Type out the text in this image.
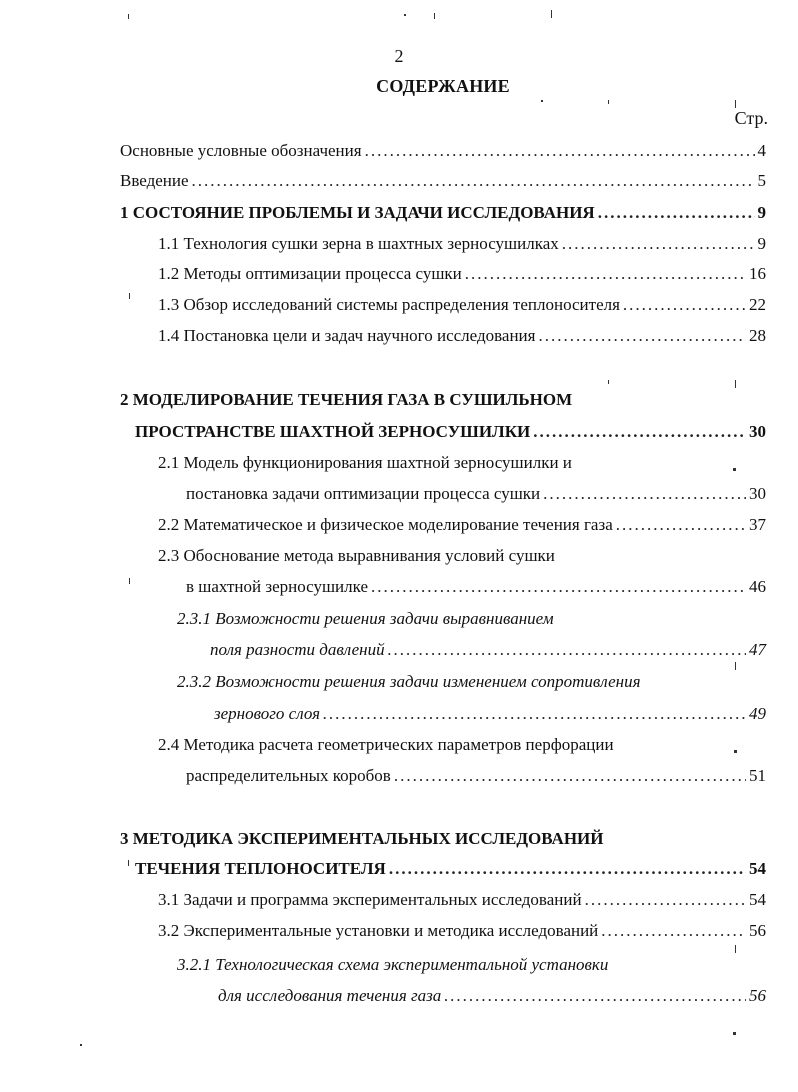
2
СОДЕРЖАНИЕ
Стр.
Основные условные обозначения .....	4
Введение .....	5
1 СОСТОЯНИЕ ПРОБЛЕМЫ И ЗАДАЧИ ИССЛЕДОВАНИЯ .....	9
1.1 Технология сушки зерна в шахтных зерносушилках .....	9
1.2 Методы оптимизации процесса сушки .....	16
1.3 Обзор исследований системы распределения теплоносителя .....	22
1.4 Постановка цели и задач научного исследования .....	28
2 МОДЕЛИРОВАНИЕ ТЕЧЕНИЯ ГАЗА В СУШИЛЬНОМ
ПРОСТРАНСТВЕ ШАХТНОЙ ЗЕРНОСУШИЛКИ .....	30
2.1 Модель функционирования шахтной зерносушилки и
постановка задачи оптимизации процесса сушки .....	30
2.2 Математическое и физическое моделирование течения газа .....	37
2.3 Обоснование метода выравнивания условий сушки
в шахтной зерносушилке .....	46
2.3.1 Возможности решения задачи выравниванием
поля разности давлений .....	47
2.3.2 Возможности решения задачи изменением сопротивления
зернового слоя .....	49
2.4 Методика расчета геометрических параметров перфорации
распределительных коробов .....	51
3 МЕТОДИКА ЭКСПЕРИМЕНТАЛЬНЫХ ИССЛЕДОВАНИЙ
ТЕЧЕНИЯ ТЕПЛОНОСИТЕЛЯ .....	54
3.1 Задачи и программа экспериментальных исследований .....	54
3.2 Экспериментальные установки и методика исследований .....	56
3.2.1 Технологическая схема экспериментальной установки
для исследования течения газа .....	56
